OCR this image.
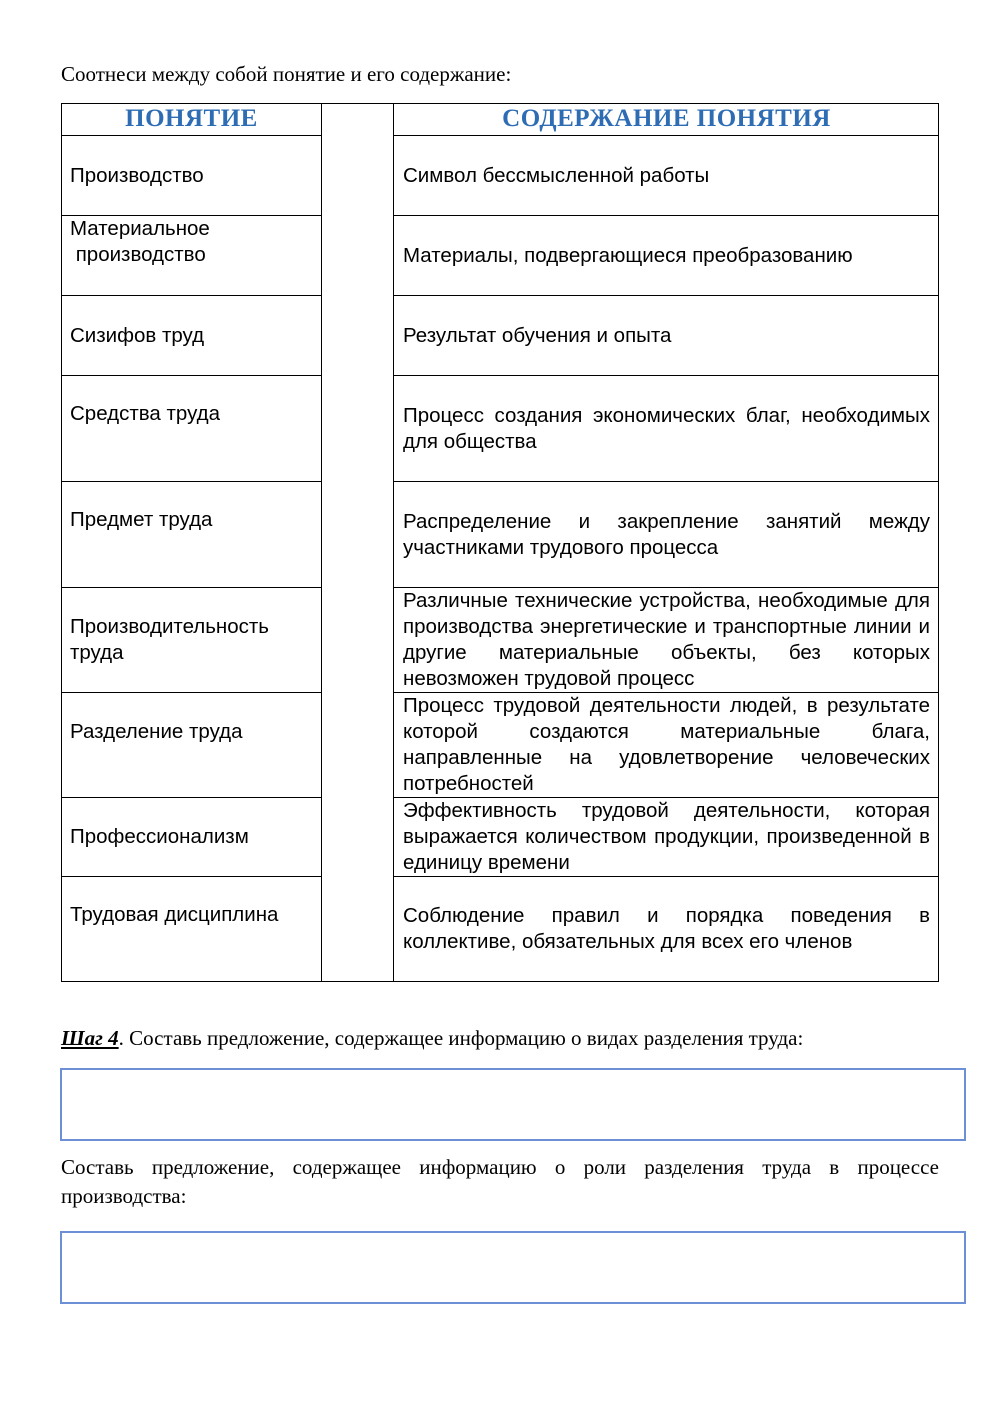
Соотнеси между собой понятие и его содержание:
ПОНЯТИЕ	СОДЕРЖАНИЕ ПОНЯТИЯ
Производство
Материальное
производство
Сизифов труд
Средства труда
Предмет труда
Производительность труда
Разделение труда
Профессионализм
Трудовая дисциплина
Символ бессмысленной работы
Материалы, подвергающиеся преобразованию
Результат обучения и опыта
Процесс создания экономических благ, необходимых для общества
Распределение и закрепление занятий между участниками трудового процесса
Различные технические устройства, необходимые для производства энергетические и транспортные линии и другие материальные объекты, без которых невозможен трудовой процесс
Процесс трудовой деятельности людей, в результате которой создаются материальные блага, направленные на удовлетворение человеческих потребностей
Эффективность трудовой деятельности, которая выражается количеством продукции, произведенной в единицу времени
Соблюдение правил и порядка поведения в коллективе, обязательных для всех его членов
Шаг 4. Составь предложение, содержащее информацию о видах разделения труда:
Составь предложение, содержащее информацию о роли разделения труда в процессе производства:
